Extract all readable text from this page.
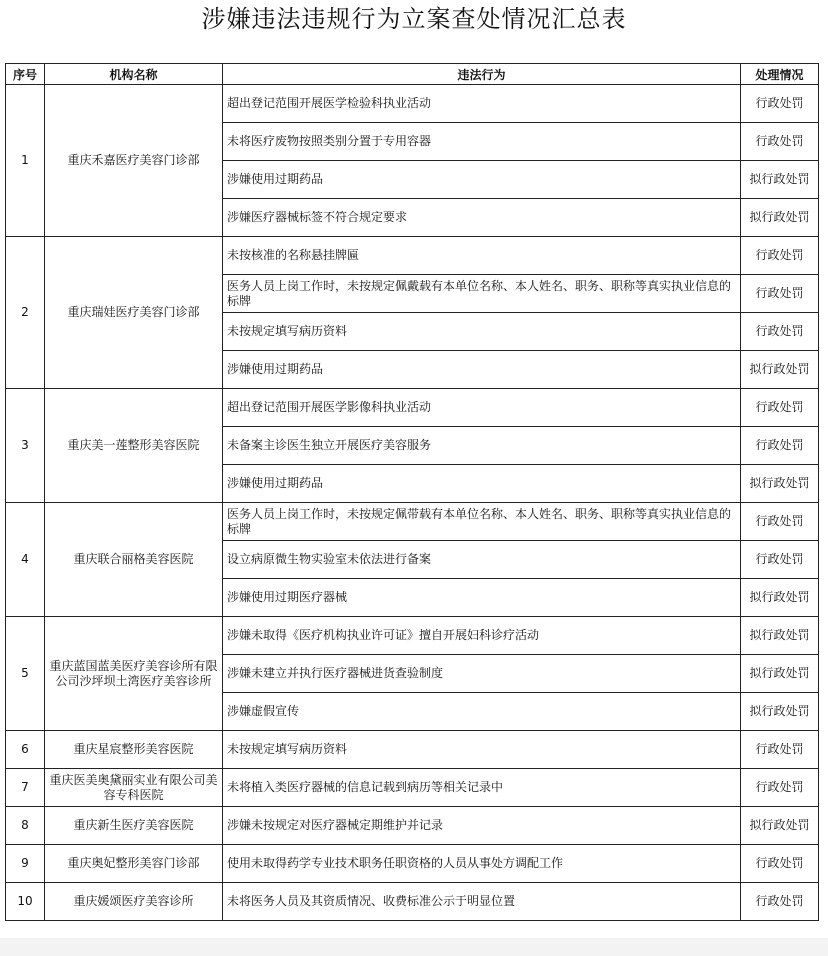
涉嫌违法违规行为立案查处情况汇总表
序号	机构名称	违法行为	处理情况
1	重庆禾嘉医疗美容门诊部	超出登记范围开展医学检验科执业活动	行政处罚
		未将医疗废物按照类别分置于专用容器	行政处罚
		涉嫌使用过期药品	拟行政处罚
		涉嫌医疗器械标签不符合规定要求	拟行政处罚
2	重庆瑞娃医疗美容门诊部	未按核准的名称悬挂牌匾	行政处罚
		医务人员上岗工作时，未按规定佩戴载有本单位名称、本人姓名、职务、职称等真实执业信息的标牌	行政处罚
		未按规定填写病历资料	行政处罚
		涉嫌使用过期药品	拟行政处罚
3	重庆美一莲整形美容医院	超出登记范围开展医学影像科执业活动	行政处罚
		未备案主诊医生独立开展医疗美容服务	行政处罚
		涉嫌使用过期药品	拟行政处罚
4	重庆联合丽格美容医院	医务人员上岗工作时，未按规定佩带载有本单位名称、本人姓名、职务、职称等真实执业信息的标牌	行政处罚
		设立病原微生物实验室未依法进行备案	行政处罚
		涉嫌使用过期医疗器械	拟行政处罚
5	重庆蓝国蓝美医疗美容诊所有限公司沙坪坝土湾医疗美容诊所	涉嫌未取得《医疗机构执业许可证》擅自开展妇科诊疗活动	拟行政处罚
		涉嫌未建立并执行医疗器械进货查验制度	拟行政处罚
		涉嫌虚假宣传	拟行政处罚
6	重庆星宸整形美容医院	未按规定填写病历资料	行政处罚
7	重庆医美奥黛丽实业有限公司美容专科医院	未将植入类医疗器械的信息记载到病历等相关记录中	行政处罚
8	重庆新生医疗美容医院	涉嫌未按规定对医疗器械定期维护并记录	拟行政处罚
9	重庆奥妃整形美容门诊部	使用未取得药学专业技术职务任职资格的人员从事处方调配工作	行政处罚
10	重庆媛颂医疗美容诊所	未将医务人员及其资质情况、收费标准公示于明显位置	行政处罚
